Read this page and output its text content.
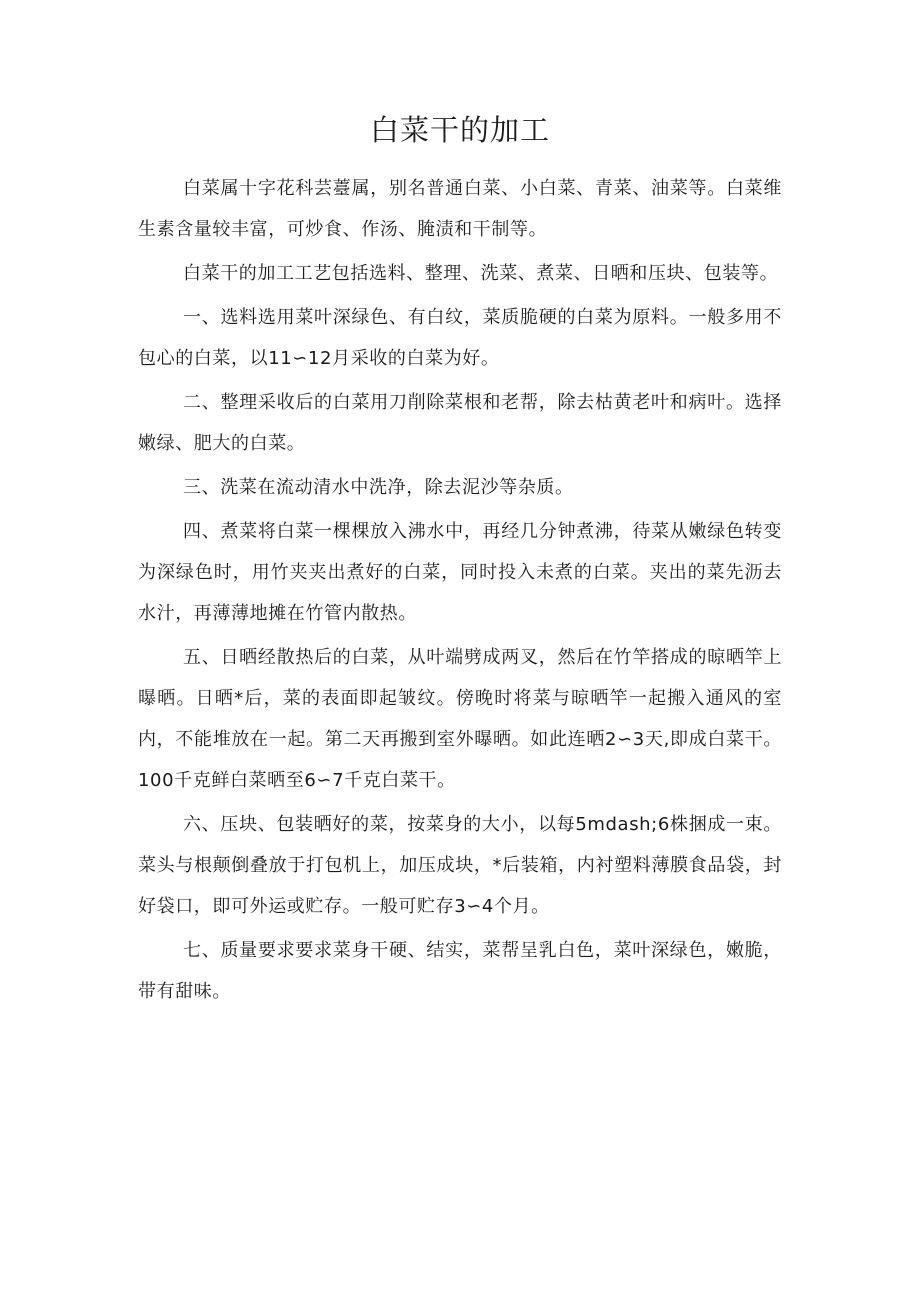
白菜干的加工

白菜属十字花科芸薹属，别名普通白菜、小白菜、青菜、油菜等。白菜维生素含量较丰富，可炒食、作汤、腌渍和干制等。

白菜干的加工工艺包括选料、整理、洗菜、煮菜、日晒和压块、包装等。

一、选料选用菜叶深绿色、有白纹，菜质脆硬的白菜为原料。一般多用不包心的白菜，以11∽12月采收的白菜为好。

二、整理采收后的白菜用刀削除菜根和老帮，除去枯黄老叶和病叶。选择嫩绿、肥大的白菜。

三、洗菜在流动清水中洗净，除去泥沙等杂质。

四、煮菜将白菜一棵棵放入沸水中，再经几分钟煮沸，待菜从嫩绿色转变为深绿色时，用竹夹夹出煮好的白菜，同时投入未煮的白菜。夹出的菜先沥去水汁，再薄薄地摊在竹管内散热。

五、日晒经散热后的白菜，从叶端劈成两叉，然后在竹竿搭成的晾晒竿上曝晒。日晒*后，菜的表面即起皱纹。傍晚时将菜与晾晒竿一起搬入通风的室内，不能堆放在一起。第二天再搬到室外曝晒。如此连晒2∽3天,即成白菜干。100千克鲜白菜晒至6∽7千克白菜干。

六、压块、包装晒好的菜，按菜身的大小，以每5mdash;6株捆成一束。菜头与根颠倒叠放于打包机上，加压成块，*后装箱，内衬塑料薄膜食品袋，封好袋口，即可外运或贮存。一般可贮存3∽4个月。

七、质量要求要求菜身干硬、结实，菜帮呈乳白色，菜叶深绿色，嫩脆，带有甜味。
